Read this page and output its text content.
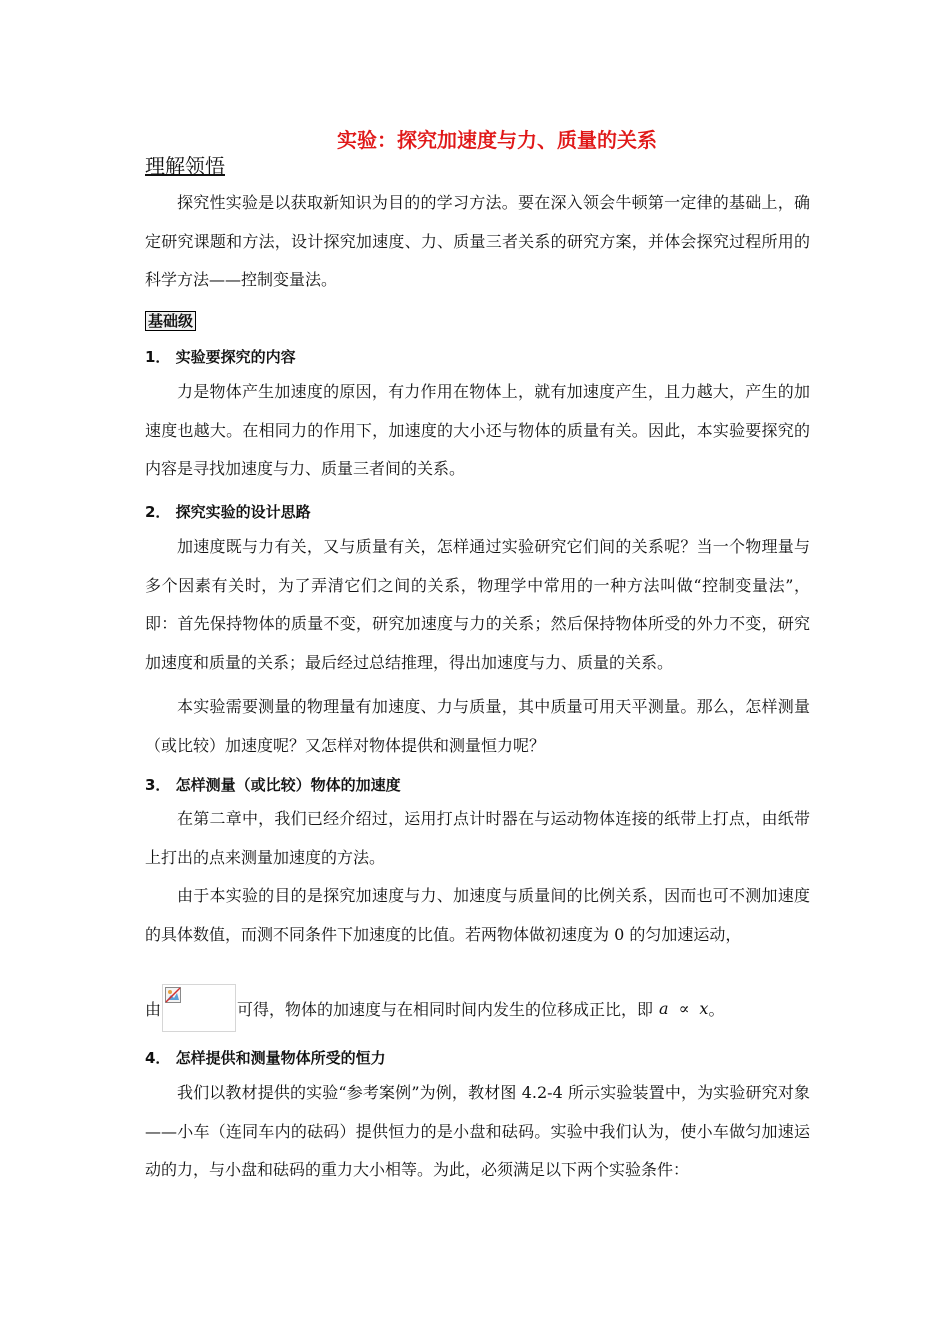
实验：探究加速度与力、质量的关系
理解领悟
探究性实验是以获取新知识为目的的学习方法。要在深入领会牛顿第一定律的基础上，确定研究课题和方法，设计探究加速度、力、质量三者关系的研究方案，并体会探究过程所用的科学方法——控制变量法。
基础级
1． 实验要探究的内容
力是物体产生加速度的原因，有力作用在物体上，就有加速度产生，且力越大，产生的加速度也越大。在相同力的作用下，加速度的大小还与物体的质量有关。因此，本实验要探究的内容是寻找加速度与力、质量三者间的关系。
2． 探究实验的设计思路
加速度既与力有关，又与质量有关，怎样通过实验研究它们间的关系呢？当一个物理量与多个因素有关时，为了弄清它们之间的关系，物理学中常用的一种方法叫做“控制变量法”，即：首先保持物体的质量不变，研究加速度与力的关系；然后保持物体所受的外力不变，研究加速度和质量的关系；最后经过总结推理，得出加速度与力、质量的关系。
本实验需要测量的物理量有加速度、力与质量，其中质量可用天平测量。那么，怎样测量（或比较）加速度呢？又怎样对物体提供和测量恒力呢？
3． 怎样测量（或比较）物体的加速度
在第二章中，我们已经介绍过，运用打点计时器在与运动物体连接的纸带上打点，由纸带上打出的点来测量加速度的方法。
由于本实验的目的是探究加速度与力、加速度与质量间的比例关系，因而也可不测加速度的具体数值，而测不同条件下加速度的比值。若两物体做初速度为 0 的匀加速运动，
由	可得，物体的加速度与在相同时间内发生的位移成正比，即 a ∝ x 。
4． 怎样提供和测量物体所受的恒力
我们以教材提供的实验“参考案例”为例，教材图 4.2-4 所示实验装置中，为实验研究对象——小车（连同车内的砝码）提供恒力的是小盘和砝码。实验中我们认为，使小车做匀加速运动的力，与小盘和砝码的重力大小相等。为此，必须满足以下两个实验条件：
